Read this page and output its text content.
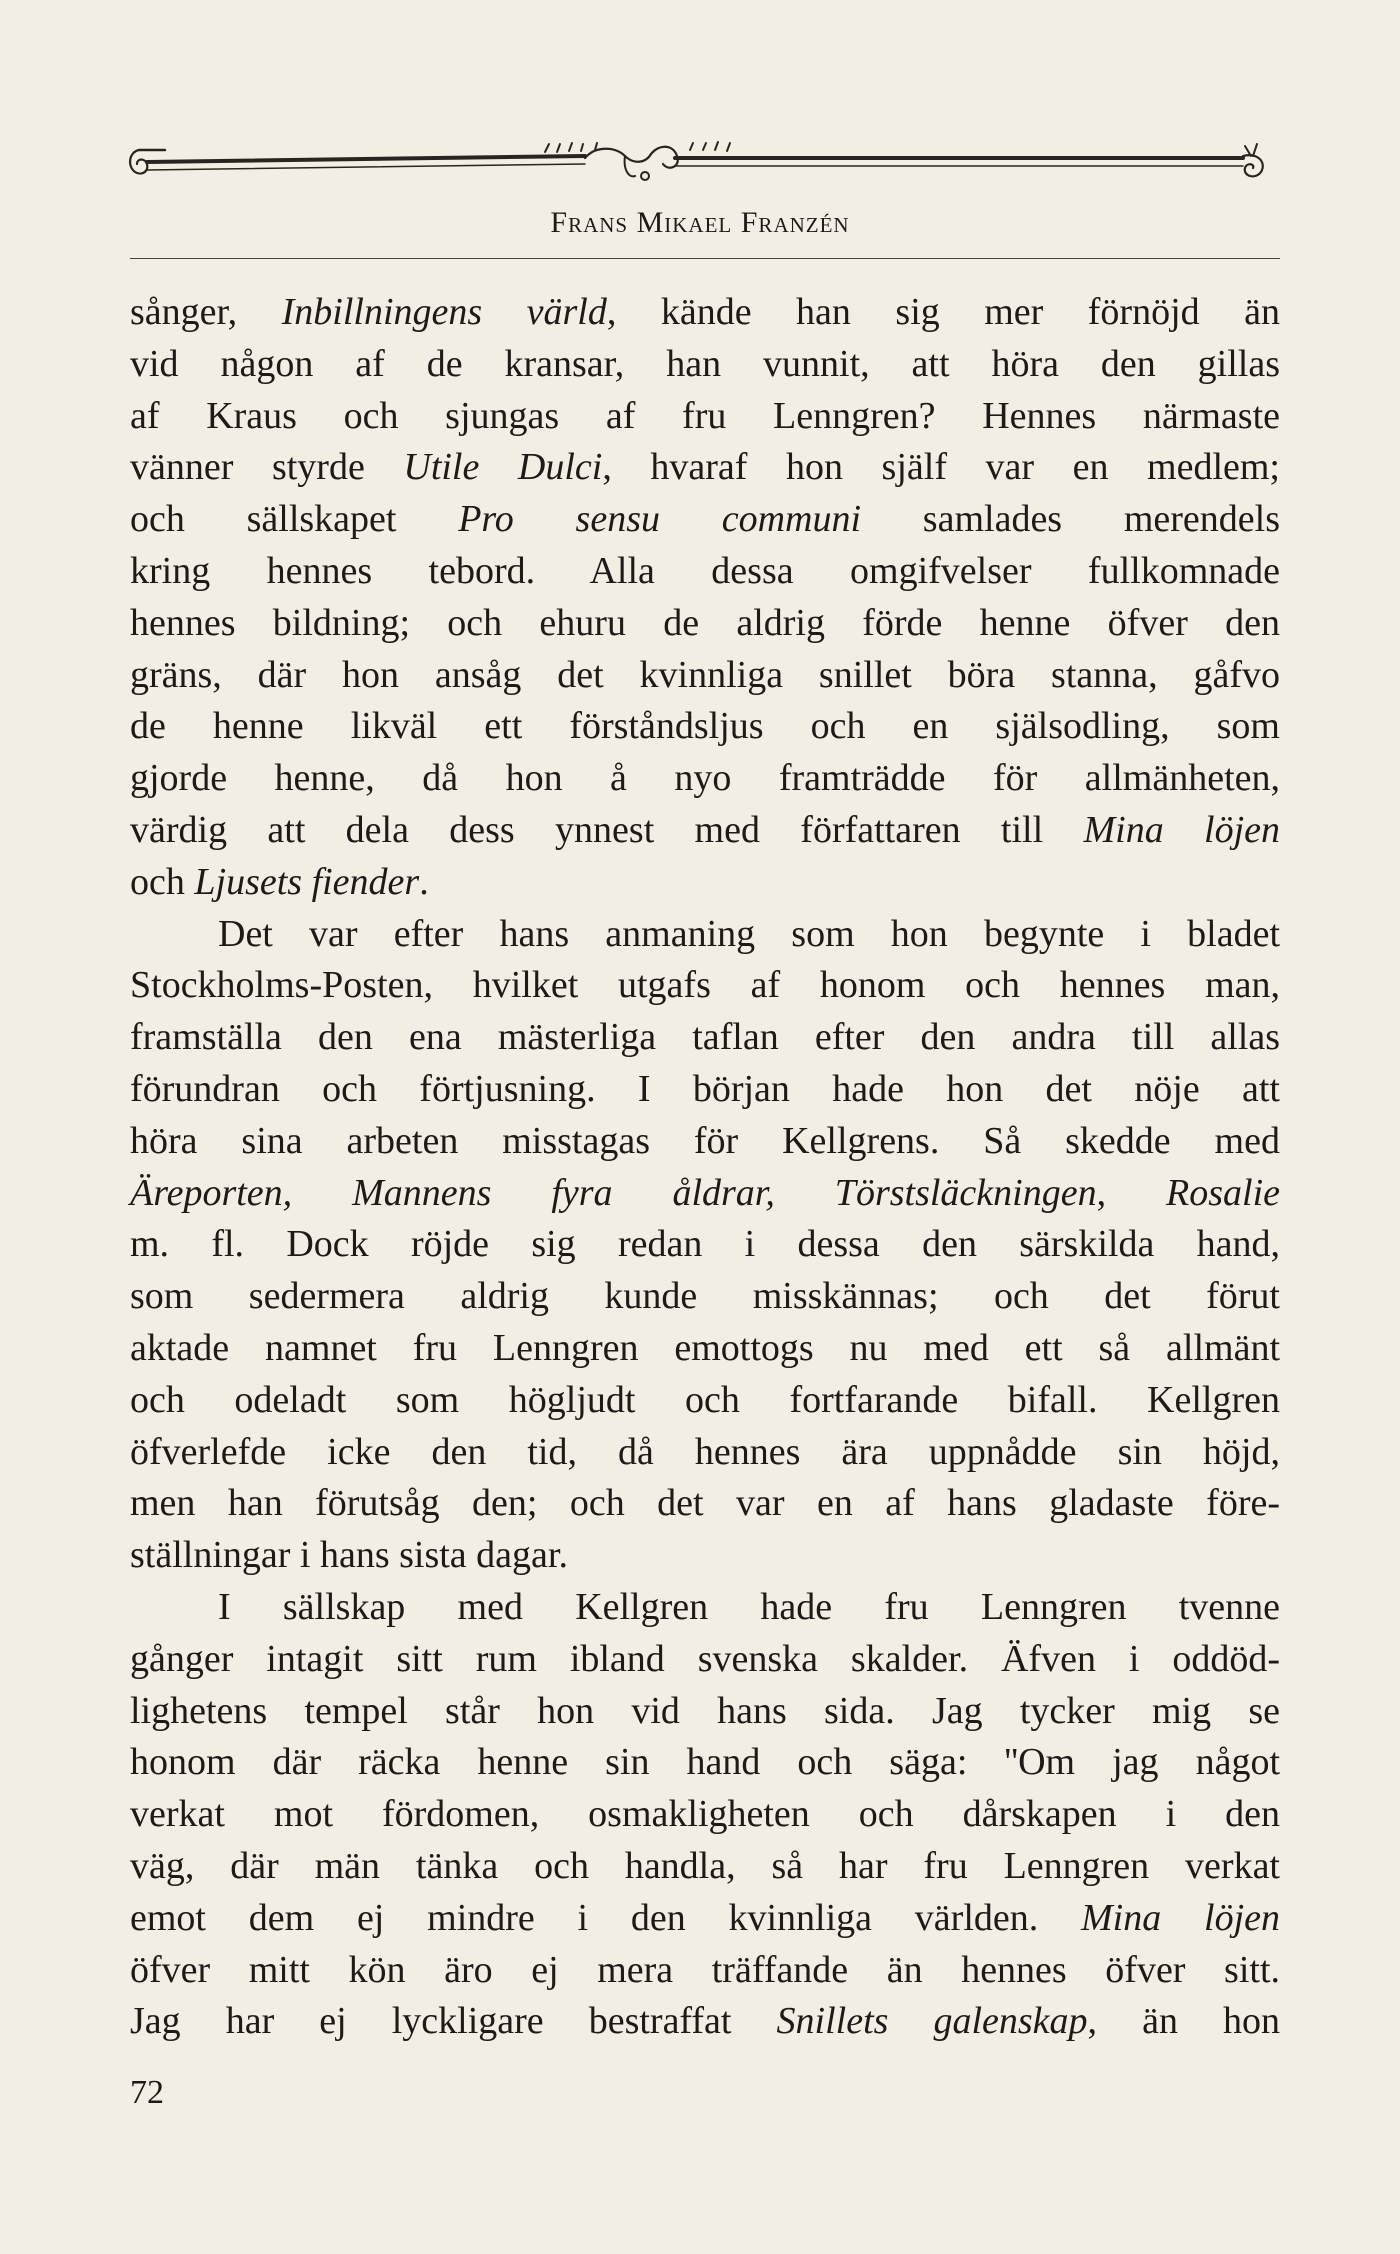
Frans Mikael Franzén
sånger, Inbillningens värld, kände han sig mer förnöjd än
vid någon af de kransar, han vunnit, att höra den gillas
af Kraus och sjungas af fru Lenngren? Hennes närmaste
vänner styrde Utile Dulci, hvaraf hon själf var en medlem;
och sällskapet Pro sensu communi samlades merendels
kring hennes tebord. Alla dessa omgifvelser fullkomnade
hennes bildning; och ehuru de aldrig förde henne öfver den
gräns, där hon ansåg det kvinnliga snillet böra stanna, gåfvo
de henne likväl ett förståndsljus och en själsodling, som
gjorde henne, då hon å nyo framträdde för allmänheten,
värdig att dela dess ynnest med författaren till Mina löjen
och Ljusets fiender.
Det var efter hans anmaning som hon begynte i bladet
Stockholms-Posten, hvilket utgafs af honom och hennes man,
framställa den ena mästerliga taflan efter den andra till allas
förundran och förtjusning. I början hade hon det nöje att
höra sina arbeten misstagas för Kellgrens. Så skedde med
Äreporten, Mannens fyra åldrar, Törstsläckningen, Rosalie
m. fl. Dock röjde sig redan i dessa den särskilda hand,
som sedermera aldrig kunde misskännas; och det förut
aktade namnet fru Lenngren emottogs nu med ett så allmänt
och odeladt som högljudt och fortfarande bifall. Kellgren
öfverlefde icke den tid, då hennes ära uppnådde sin höjd,
men han förutsåg den; och det var en af hans gladaste före-
ställningar i hans sista dagar.
I sällskap med Kellgren hade fru Lenngren tvenne
gånger intagit sitt rum ibland svenska skalder. Äfven i oddöd-
lighetens tempel står hon vid hans sida. Jag tycker mig se
honom där räcka henne sin hand och säga: ''Om jag något
verkat mot fördomen, osmakligheten och dårskapen i den
väg, där män tänka och handla, så har fru Lenngren verkat
emot dem ej mindre i den kvinnliga världen. Mina löjen
öfver mitt kön äro ej mera träffande än hennes öfver sitt.
Jag har ej lyckligare bestraffat Snillets galenskap, än hon
72
